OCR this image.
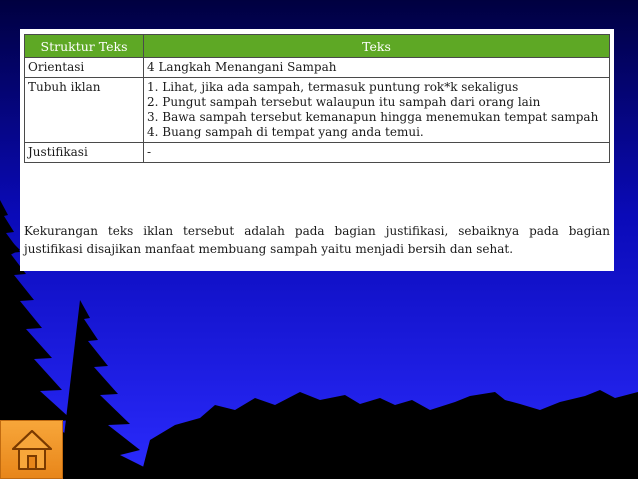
Struktur Teks	Teks
Orientasi	4 Langkah Menangani Sampah

Tubuh iklan	1. Lihat, jika ada sampah, termasuk puntung rok*k sekaligus
2. Pungut sampah tersebut walaupun itu sampah dari orang lain
3. Bawa sampah tersebut kemanapun hingga menemukan tempat sampah
4. Buang sampah di tempat yang anda temui.

Justifikasi	-

Kekurangan teks iklan tersebut adalah pada bagian justifikasi, sebaiknya pada bagian justifikasi disajikan manfaat membuang sampah yaitu menjadi bersih dan sehat.
